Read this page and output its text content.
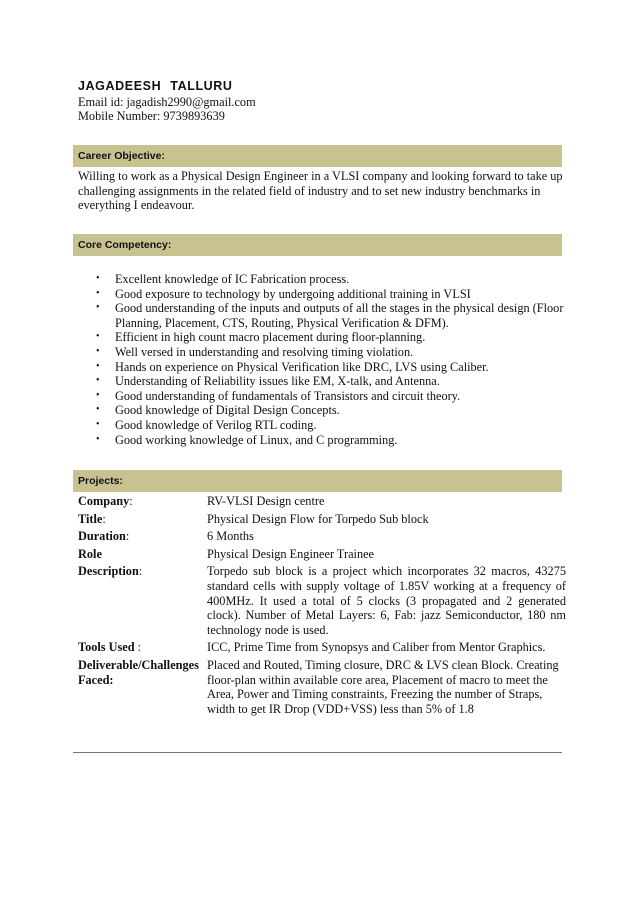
JAGADEESH TALLURU
Email id: jagadish2990@gmail.com
Mobile Number: 9739893639
Career Objective:
Willing to work as a Physical Design Engineer in a VLSI company and looking forward to take up challenging assignments in the related field of industry and to set new industry benchmarks in everything I endeavour.
Core Competency:
• Excellent knowledge of IC Fabrication process.
• Good exposure to technology by undergoing additional training in VLSI
• Good understanding of the inputs and outputs of all the stages in the physical design (Floor Planning, Placement, CTS, Routing, Physical Verification & DFM).
• Efficient in high count macro placement during floor-planning.
• Well versed in understanding and resolving timing violation.
• Hands on experience on Physical Verification like DRC, LVS using Caliber.
• Understanding of Reliability issues like EM, X-talk, and Antenna.
• Good understanding of fundamentals of Transistors and circuit theory.
• Good knowledge of Digital Design Concepts.
• Good knowledge of Verilog RTL coding.
• Good working knowledge of Linux, and C programming.
Projects:
Company:	RV-VLSI Design centre
Title:	Physical Design Flow for Torpedo Sub block
Duration:	6 Months
Role	Physical Design Engineer Trainee
Description:	Torpedo sub block is a project which incorporates 32 macros, 43275 standard cells with supply voltage of 1.85V working at a frequency of 400MHz. It used a total of 5 clocks (3 propagated and 2 generated clock). Number of Metal Layers: 6, Fab: jazz Semiconductor, 180 nm technology node is used.
Tools Used :	ICC, Prime Time from Synopsys and Caliber from Mentor Graphics.
Deliverable/Challenges Faced:	Placed and Routed, Timing closure, DRC & LVS clean Block. Creating floor-plan within available core area, Placement of macro to meet the Area, Power and Timing constraints, Freezing the number of Straps, width to get IR Drop (VDD+VSS) less than 5% of 1.8
